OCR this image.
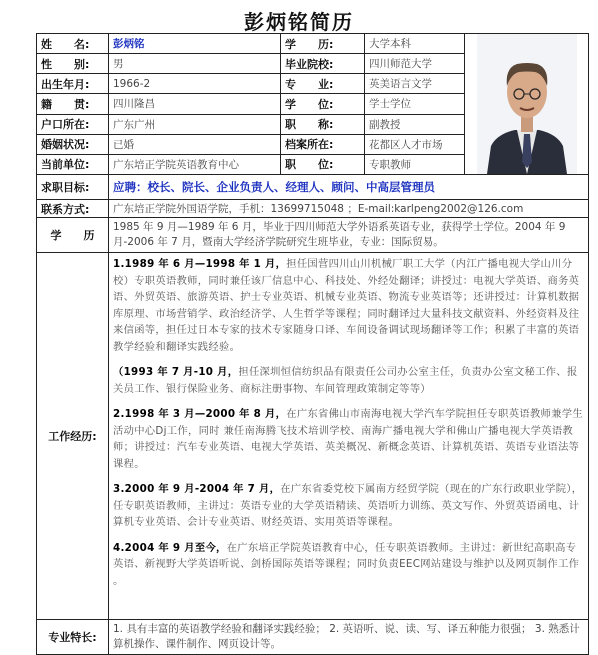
彭炳铭简历
姓　　名:	彭炳铭	学　　历:	大学本科	

性　　别:	男	毕业院校:	四川师范大学	
出生年月:	1966-2	专　　业:	英美语言文学	
籍　　贯:	四川隆昌	学　　位:	学士学位	
户口所在:	广东广州	职　　称:	副教授	
婚姻状况:	已婚	档案所在:	花都区人才市场	
当前单位:	广东培正学院英语教育中心	职　　位:	专职教师	
求职目标:	应聘：校长、院长、企业负责人、经理人、顾问、中高层管理员			
联系方式:	广东培正学院外国语学院，手机：13699715048 ；E-mail:karlpeng2002@126.com			
学　　历	1985 年 9 月—1989 年 6 月，毕业于四川师范大学外语系英语专业，获得学士学位。2004 年 9 月-2006 年 7 月，暨南大学经济学院研究生班毕业，专业：国际贸易。			
工作经历:	1.1989 年 6 月—1998 年 1 月，担任国营四川山川机械厂职工大学（内江广播电视大学山川分校）专职英语教师，同时兼任该厂信息中心、科技处、外经处翻译；讲授过：电视大学英语、商务英语、外贸英语、旅游英语、护士专业英语、机械专业英语、物流专业英语等；还讲授过：计算机数据库原理、市场营销学、政治经济学、人生哲学等课程；同时翻译过大量科技文献资料、外经资料及往来信函等，担任过日本专家的技术专家随身口译、车间设备调试现场翻译等工作；积累了丰富的英语教学经验和翻译实践经验。

（1993 年 7 月-10 月，担任深圳恒信纺织品有限责任公司办公室主任，负责办公室文秘工作、报关员工作、银行保险业务、商标注册事物、车间管理政策制定等等）

2.1998 年 3 月—2000 年 8 月，在广东省佛山市南海电视大学汽车学院担任专职英语教师兼学生活动中心Dj工作，同时 兼任南海腾飞技术培训学校、南海广播电视大学和佛山广播电视大学英语教师；讲授过：汽车专业英语、电视大学英语、英美概况、新概念英语、计算机英语、英语专业语法等课程。

3.2000 年 9 月-2004 年 7 月，在广东省委党校下属南方经贸学院（现在的广东行政职业学院），任专职英语教师，主讲过：英语专业的大学英语精读、英语听力训练、英文写作、外贸英语函电、计算机专业英语、会计专业英语、财经英语、实用英语等课程。

4.2004 年 9 月至今，在广东培正学院英语教育中心，任专职英语教师。主讲过：新世纪高职高专英语、新视野大学英语听说、剑桥国际英语等课程；同时负责EEC网站建设与维护以及网页制作工作 。			

专业特长:	1. 具有丰富的英语教学经验和翻译实践经验； 2. 英语听、说、读、写、译五种能力很强； 3. 熟悉计算机操作、课件制作、网页设计等。			
